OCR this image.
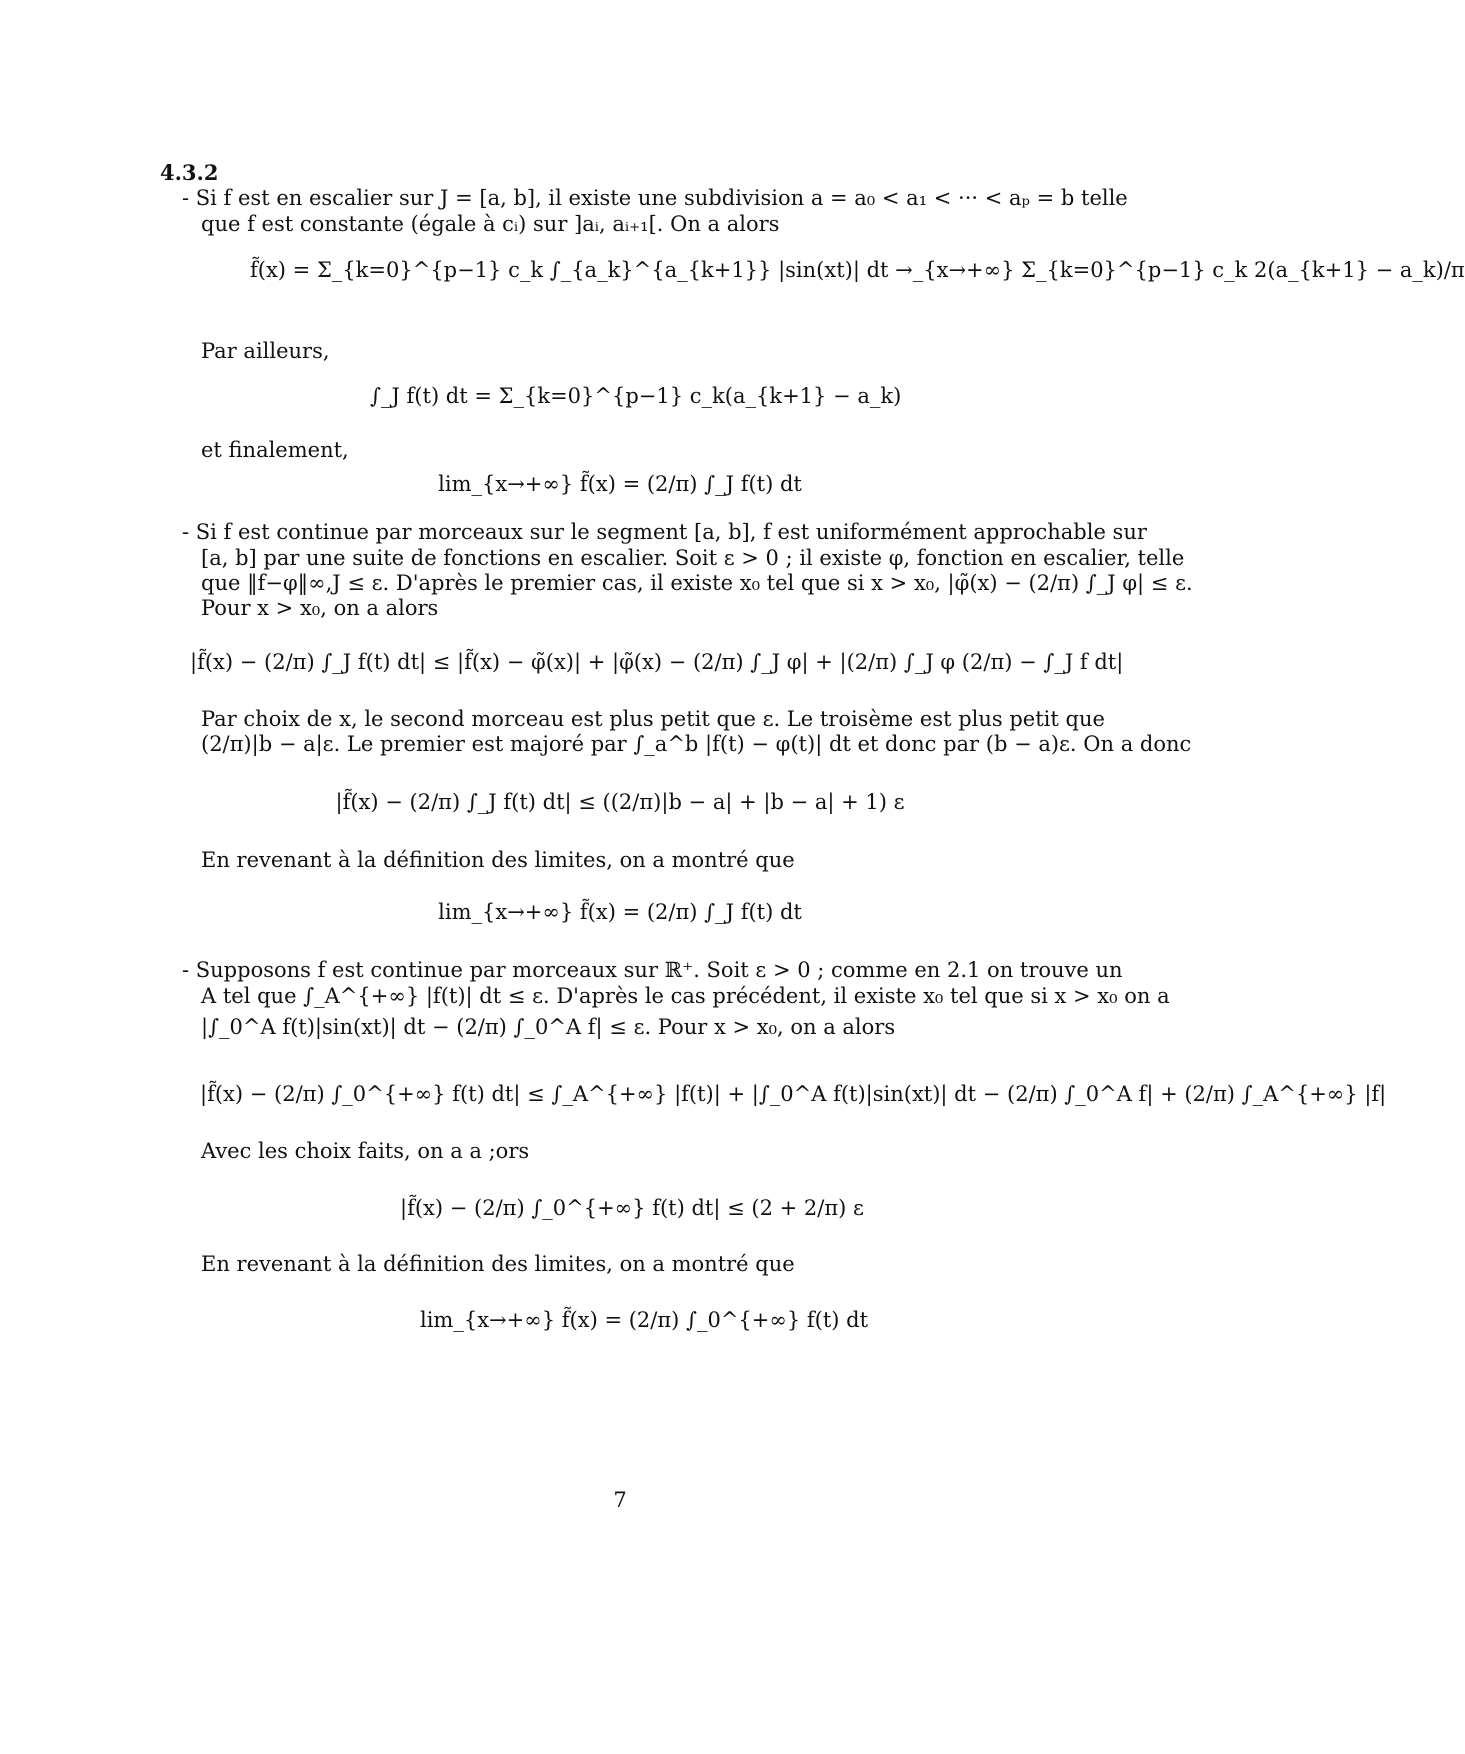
4.3.2
- Si f est en escalier sur J = [a, b], il existe une subdivision a = a₀ < a₁ < ··· < aₚ = b telle
que f est constante (égale à cᵢ) sur ]aᵢ, aᵢ₊₁[. On a alors
f̃(x) = Σ_{k=0}^{p−1} c_k ∫_{a_k}^{a_{k+1}} |sin(xt)| dt →_{x→+∞} Σ_{k=0}^{p−1} c_k 2(a_{k+1} − a_k)/π
Par ailleurs,
∫_J f(t) dt = Σ_{k=0}^{p−1} c_k(a_{k+1} − a_k)
et finalement,
lim_{x→+∞} f̃(x) = (2/π) ∫_J f(t) dt
- Si f est continue par morceaux sur le segment [a, b], f est uniformément approchable sur
[a, b] par une suite de fonctions en escalier. Soit ε > 0 ; il existe φ, fonction en escalier, telle
que ‖f−φ‖∞,J ≤ ε. D'après le premier cas, il existe x₀ tel que si x > x₀, |φ̃(x) − (2/π) ∫_J φ| ≤ ε.
Pour x > x₀, on a alors
|f̃(x) − (2/π) ∫_J f(t) dt| ≤ |f̃(x) − φ̃(x)| + |φ̃(x) − (2/π) ∫_J φ| + |(2/π) ∫_J φ (2/π) − ∫_J f dt|
Par choix de x, le second morceau est plus petit que ε. Le troisème est plus petit que
(2/π)|b − a|ε. Le premier est majoré par ∫_a^b |f(t) − φ(t)| dt et donc par (b − a)ε. On a donc
|f̃(x) − (2/π) ∫_J f(t) dt| ≤ ((2/π)|b − a| + |b − a| + 1) ε
En revenant à la définition des limites, on a montré que
lim_{x→+∞} f̃(x) = (2/π) ∫_J f(t) dt
- Supposons f est continue par morceaux sur ℝ⁺. Soit ε > 0 ; comme en 2.1 on trouve un
A tel que ∫_A^{+∞} |f(t)| dt ≤ ε. D'après le cas précédent, il existe x₀ tel que si x > x₀ on a
|∫_0^A f(t)|sin(xt)| dt − (2/π) ∫_0^A f| ≤ ε. Pour x > x₀, on a alors
|f̃(x) − (2/π) ∫_0^{+∞} f(t) dt| ≤ ∫_A^{+∞} |f(t)| + |∫_0^A f(t)|sin(xt)| dt − (2/π) ∫_0^A f| + (2/π) ∫_A^{+∞} |f|
Avec les choix faits, on a a ;ors
|f̃(x) − (2/π) ∫_0^{+∞} f(t) dt| ≤ (2 + 2/π) ε
En revenant à la définition des limites, on a montré que
lim_{x→+∞} f̃(x) = (2/π) ∫_0^{+∞} f(t) dt
7
